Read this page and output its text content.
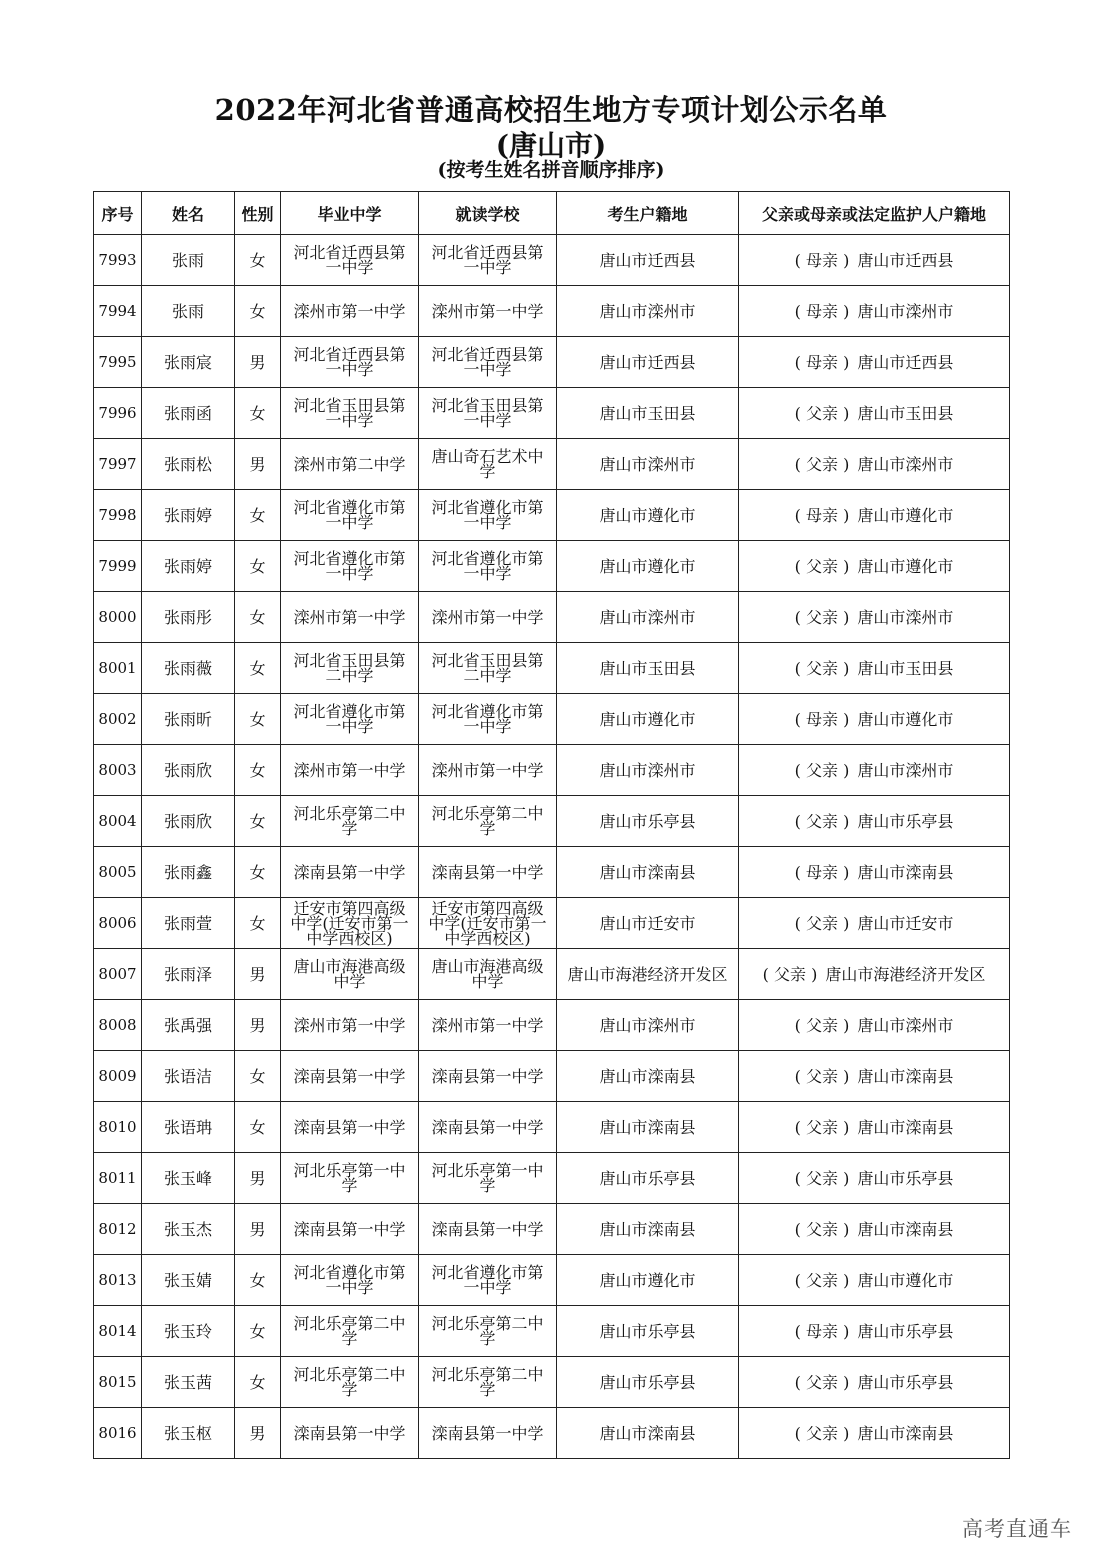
2022年河北省普通高校招生地方专项计划公示名单
(唐山市)
(按考生姓名拼音顺序排序)
序号	姓名	性别	毕业中学	就读学校	考生户籍地	父亲或母亲或法定监护人户籍地
7993	张雨	女	河北省迁西县第一中学	河北省迁西县第一中学	唐山市迁西县	( 母亲 ) 唐山市迁西县
7994	张雨	女	滦州市第一中学	滦州市第一中学	唐山市滦州市	( 母亲 ) 唐山市滦州市
7995	张雨宸	男	河北省迁西县第一中学	河北省迁西县第一中学	唐山市迁西县	( 母亲 ) 唐山市迁西县
7996	张雨函	女	河北省玉田县第一中学	河北省玉田县第一中学	唐山市玉田县	( 父亲 ) 唐山市玉田县
7997	张雨松	男	滦州市第二中学	唐山奇石艺术中学	唐山市滦州市	( 父亲 ) 唐山市滦州市
7998	张雨婷	女	河北省遵化市第一中学	河北省遵化市第一中学	唐山市遵化市	( 母亲 ) 唐山市遵化市
7999	张雨婷	女	河北省遵化市第一中学	河北省遵化市第一中学	唐山市遵化市	( 父亲 ) 唐山市遵化市
8000	张雨彤	女	滦州市第一中学	滦州市第一中学	唐山市滦州市	( 父亲 ) 唐山市滦州市
8001	张雨薇	女	河北省玉田县第二中学	河北省玉田县第二中学	唐山市玉田县	( 父亲 ) 唐山市玉田县
8002	张雨昕	女	河北省遵化市第一中学	河北省遵化市第一中学	唐山市遵化市	( 母亲 ) 唐山市遵化市
8003	张雨欣	女	滦州市第一中学	滦州市第一中学	唐山市滦州市	( 父亲 ) 唐山市滦州市
8004	张雨欣	女	河北乐亭第二中学	河北乐亭第二中学	唐山市乐亭县	( 父亲 ) 唐山市乐亭县
8005	张雨鑫	女	滦南县第一中学	滦南县第一中学	唐山市滦南县	( 母亲 ) 唐山市滦南县
8006	张雨萱	女	迁安市第四高级中学(迁安市第一中学西校区)	迁安市第四高级中学(迁安市第一中学西校区)	唐山市迁安市	( 父亲 ) 唐山市迁安市
8007	张雨泽	男	唐山市海港高级中学	唐山市海港高级中学	唐山市海港经济开发区	( 父亲 ) 唐山市海港经济开发区
8008	张禹强	男	滦州市第一中学	滦州市第一中学	唐山市滦州市	( 父亲 ) 唐山市滦州市
8009	张语洁	女	滦南县第一中学	滦南县第一中学	唐山市滦南县	( 父亲 ) 唐山市滦南县
8010	张语珃	女	滦南县第一中学	滦南县第一中学	唐山市滦南县	( 父亲 ) 唐山市滦南县
8011	张玉峰	男	河北乐亭第一中学	河北乐亭第一中学	唐山市乐亭县	( 父亲 ) 唐山市乐亭县
8012	张玉杰	男	滦南县第一中学	滦南县第一中学	唐山市滦南县	( 父亲 ) 唐山市滦南县
8013	张玉婧	女	河北省遵化市第一中学	河北省遵化市第一中学	唐山市遵化市	( 父亲 ) 唐山市遵化市
8014	张玉玲	女	河北乐亭第二中学	河北乐亭第二中学	唐山市乐亭县	( 母亲 ) 唐山市乐亭县
8015	张玉茜	女	河北乐亭第二中学	河北乐亭第二中学	唐山市乐亭县	( 父亲 ) 唐山市乐亭县
8016	张玉枢	男	滦南县第一中学	滦南县第一中学	唐山市滦南县	( 父亲 ) 唐山市滦南县
高考直通车
